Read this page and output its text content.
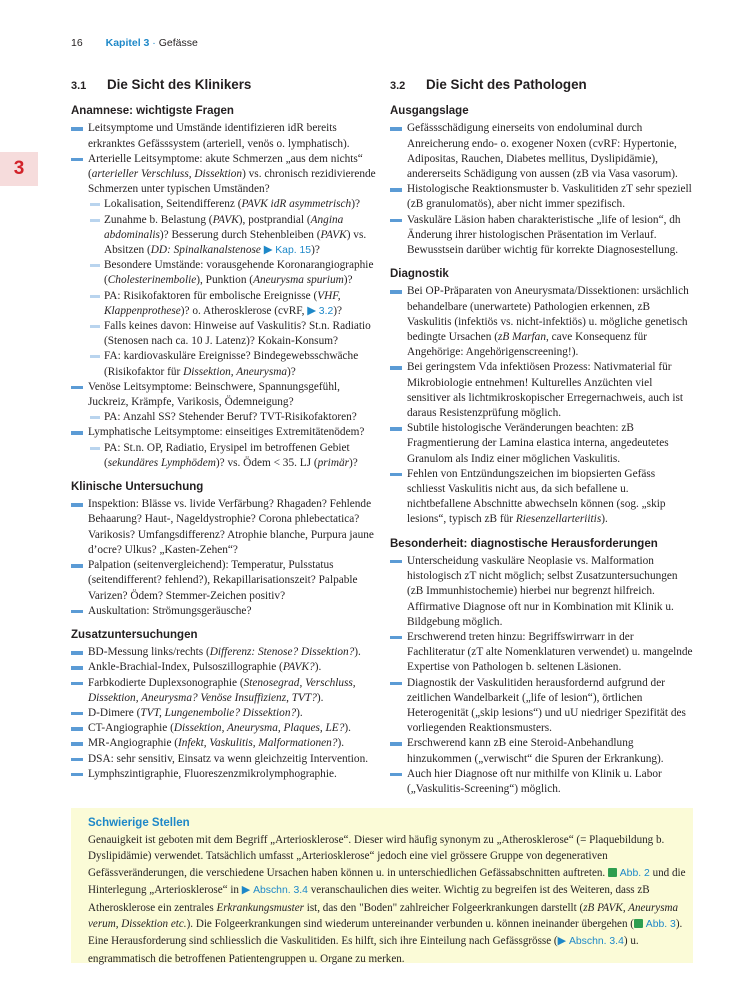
16 Kapitel 3 · Gefässe
3
3.1 Die Sicht des Klinikers
Anamnese: wichtigste Fragen
Leitsymptome und Umstände identifizieren idR bereits erkranktes Gefässsystem (arteriell, venös o. lymphatisch).
Arterielle Leitsymptome: akute Schmerzen „aus dem nichts“ (arterieller Verschluss, Dissektion) vs. chronisch rezidivierende Schmerzen unter typischen Umständen?
Lokalisation, Seitendifferenz (PAVK idR asymmetrisch)?
Zunahme b. Belastung (PAVK), postprandial (Angina abdominalis)? Besserung durch Stehenbleiben (PAVK) vs. Absitzen (DD: Spinalkanalstenose ▶ Kap. 15)?
Besondere Umstände: vorausgehende Koronarangiographie (Cholesterinembolie), Punktion (Aneurysma spurium)?
PA: Risikofaktoren für embolische Ereignisse (VHF, Klappenprothese)? o. Atherosklerose (cvRF, ▶ 3.2)?
Falls keines davon: Hinweise auf Vaskulitis? St.n. Radiatio (Stenosen nach ca. 10 J. Latenz)? Kokain-Konsum?
FA: kardiovaskuläre Ereignisse? Bindegewebsschwäche (Risikofaktor für Dissektion, Aneurysma)?
Venöse Leitsymptome: Beinschwere, Spannungsgefühl, Juckreiz, Krämpfe, Varikosis, Ödemneigung?
PA: Anzahl SS? Stehender Beruf? TVT-Risikofaktoren?
Lymphatische Leitsymptome: einseitiges Extremitätenödem?
PA: St.n. OP, Radiatio, Erysipel im betroffenen Gebiet (sekundäres Lymphödem)? vs. Ödem < 35. LJ (primär)?
Klinische Untersuchung
Inspektion: Blässe vs. livide Verfärbung? Rhagaden? Fehlende Behaarung? Haut-, Nageldystrophie? Corona phlebectatica? Varikosis? Umfangsdifferenz? Atrophie blanche, Purpura jaune d’ocre? Ulkus? „Kasten-Zehen“?
Palpation (seitenvergleichend): Temperatur, Pulsstatus (seitendifferent? fehlend?), Rekapillarisationszeit? Palpable Varizen? Ödem? Stemmer-Zeichen positiv?
Auskultation: Strömungsgeräusche?
Zusatzuntersuchungen
BD-Messung links/rechts (Differenz: Stenose? Dissektion?).
Ankle-Brachial-Index, Pulsoszillographie (PAVK?).
Farbkodierte Duplexsonographie (Stenosegrad, Verschluss, Dissektion, Aneurysma? Venöse Insuffizienz, TVT?).
D-Dimere (TVT, Lungenembolie? Dissektion?).
CT-Angiographie (Dissektion, Aneurysma, Plaques, LE?).
MR-Angiographie (Infekt, Vaskulitis, Malformationen?).
DSA: sehr sensitiv, Einsatz va wenn gleichzeitig Intervention.
Lymphszintigraphie, Fluoreszenzmikrolymphographie.
3.2 Die Sicht des Pathologen
Ausgangslage
Gefässschädigung einerseits von endoluminal durch Anreicherung endo- o. exogener Noxen (cvRF: Hypertonie, Adipositas, Rauchen, Diabetes mellitus, Dyslipidämie), andererseits Schädigung von aussen (zB via Vasa vasorum).
Histologische Reaktionsmuster b. Vaskulitiden zT sehr speziell (zB granulomatös), aber nicht immer spezifisch.
Vaskuläre Läsion haben charakteristische „life of lesion“, dh Änderung ihrer histologischen Präsentation im Verlauf. Bewusstsein darüber wichtig für korrekte Diagnosestellung.
Diagnostik
Bei OP-Präparaten von Aneurysmata/Dissektionen: ursächlich behandelbare (unerwartete) Pathologien erkennen, zB Vaskulitis (infektiös vs. nicht-infektiös) u. mögliche genetisch bedingte Ursachen (zB Marfan, cave Konsequenz für Angehörige: Angehörigenscreening!).
Bei geringstem Vda infektiösen Prozess: Nativmaterial für Mikrobiologie entnehmen! Kulturelles Anzüchten viel sensitiver als lichtmikroskopischer Erregernachweis, auch ist daraus Resistenzprüfung möglich.
Subtile histologische Veränderungen beachten: zB Fragmentierung der Lamina elastica interna, angedeutetes Granulom als Indiz einer möglichen Vaskulitis.
Fehlen von Entzündungszeichen im biopsierten Gefäss schliesst Vaskulitis nicht aus, da sich befallene u. nichtbefallene Abschnitte abwechseln können (sog. „skip lesions“, typisch zB für Riesenzellarteriitis).
Besonderheit: diagnostische Herausforderungen
Unterscheidung vaskuläre Neoplasie vs. Malformation histologisch zT nicht möglich; selbst Zusatzuntersuchungen (zB Immunhistochemie) hierbei nur begrenzt hilfreich. Affirmative Diagnose oft nur in Kombination mit Klinik u. Bildgebung möglich.
Erschwerend treten hinzu: Begriffswirrwarr in der Fachliteratur (zT alte Nomenklaturen verwendet) u. mangelnde Expertise von Pathologen b. seltenen Läsionen.
Diagnostik der Vaskulitiden herausfordernd aufgrund der zeitlichen Wandelbarkeit („life of lesion“), örtlichen Heterogenität („skip lesions“) und uU niedriger Spezifität des vorliegenden Reaktionsmusters.
Erschwerend kann zB eine Steroid-Anbehandlung hinzukommen („verwischt“ die Spuren der Erkrankung).
Auch hier Diagnose oft nur mithilfe von Klinik u. Labor („Vaskulitis-Screening“) möglich.
Schwierige Stellen
Genauigkeit ist geboten mit dem Begriff „Arteriosklerose“. Dieser wird häufig synonym zu „Atherosklerose“ (= Plaquebildung b. Dyslipidämie) verwendet. Tatsächlich umfasst „Arteriosklerose“ jedoch eine viel grössere Gruppe von degenerativen Gefässveränderungen, die verschiedene Ursachen haben können u. in unterschiedlichen Gefässabschnitten auftreten.  Abb. 2 und die Hinterlegung „Arteriosklerose“ in ▶ Abschn. 3.4 veranschaulichen dies weiter. Wichtig zu begreifen ist des Weiteren, dass zB Atherosklerose ein zentrales Erkrankungsmuster ist, das den "Boden" zahlreicher Folgeerkrankungen darstellt (zB PAVK, Aneurysma verum, Dissektion etc.). Die Folgeerkrankungen sind wiederum untereinander verbunden u. können ineinander übergehen ( Abb. 3). Eine Herausforderung sind schliesslich die Vaskulitiden. Es hilft, sich ihre Einteilung nach Gefässgrösse (▶ Abschn. 3.4) u. engrammatisch die betroffenen Patientengruppen u. Organe zu merken.
